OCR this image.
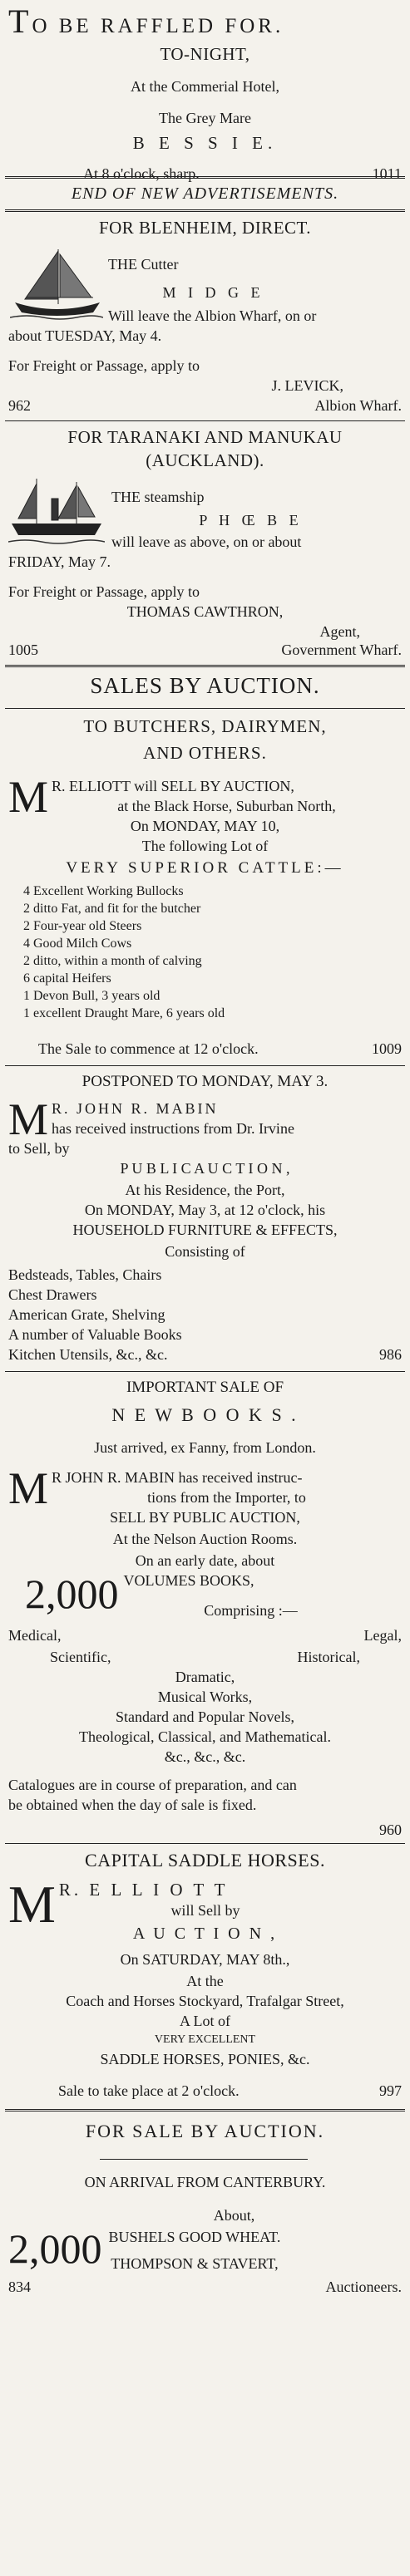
TO BE RAFFLED FOR.
TO-NIGHT,
At the Commerial Hotel,
The Grey Mare
B E S S I E.
At 8 o'clock, sharp.	1011
END OF NEW ADVERTISEMENTS.
FOR BLENHEIM, DIRECT.
THE Cutter
M I D G E
Will leave the Albion Wharf, on or
about TUESDAY, May 4.
For Freight or Passage, apply to
J. LEVICK,
962	Albion Wharf.
FOR TARANAKI AND MANUKAU
(AUCKLAND).
THE steamship
P H Œ B E
will leave as above, on or about
FRIDAY, May 7.
For Freight or Passage, apply to
THOMAS CAWTHRON,
Agent,
1005	Government Wharf.
SALES BY AUCTION.
TO BUTCHERS, DAIRYMEN,
AND OTHERS.
M R. ELLIOTT will SELL BY AUCTION,
at the Black Horse, Suburban North,
On MONDAY, MAY 10,
The following Lot of
VERY SUPERIOR CATTLE:—
4 Excellent Working Bullocks
2 ditto Fat, and fit for the butcher
2 Four-year old Steers
4 Good Milch Cows
2 ditto, within a month of calving
6 capital Heifers
1 Devon Bull, 3 years old
1 excellent Draught Mare, 6 years old
The Sale to commence at 12 o'clock.	1009
POSTPONED TO MONDAY, MAY 3.
M R. JOHN R. MABIN
has received instructions from Dr. Irvine
to Sell, by
P U B L I C A U C T I O N ,
At his Residence, the Port,
On MONDAY, May 3, at 12 o'clock, his
HOUSEHOLD FURNITURE & EFFECTS,
Consisting of
Bedsteads, Tables, Chairs
Chest Drawers
American Grate, Shelving
A number of Valuable Books
Kitchen Utensils, &c., &c.	986
IMPORTANT SALE OF
N E W B O O K S .
Just arrived, ex Fanny, from London.
M R JOHN R. MABIN has received instruc-
tions from the Importer, to
SELL BY PUBLIC AUCTION,
At the Nelson Auction Rooms.
On an early date, about
2,000 VOLUMES BOOKS,
Comprising :—
Medical,	Legal,
Scientific,	Historical,
Dramatic,
Musical Works,
Standard and Popular Novels,
Theological, Classical, and Mathematical.
&c., &c., &c.
Catalogues are in course of preparation, and can
be obtained when the day of sale is fixed.
960
CAPITAL SADDLE HORSES.
M R. E L L I O T T
will Sell by
A U C T I O N ,
On SATURDAY, MAY 8th.,
At the
Coach and Horses Stockyard, Trafalgar Street,
A Lot of
VERY EXCELLENT
SADDLE HORSES, PONIES, &c.
Sale to take place at 2 o'clock.	997
FOR SALE BY AUCTION.
ON ARRIVAL FROM CANTERBURY.
About,
2,000 BUSHELS GOOD WHEAT.
THOMPSON & STAVERT,
834	Auctioneers.
